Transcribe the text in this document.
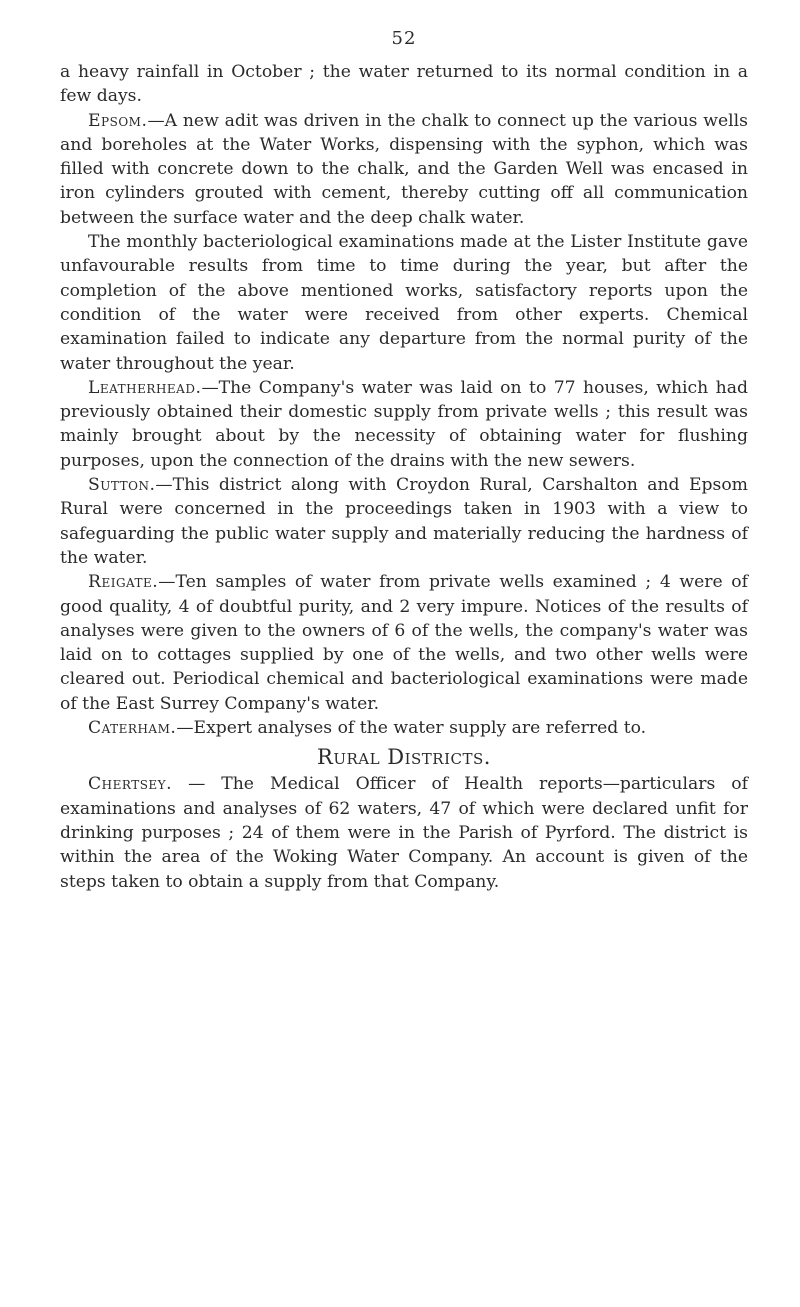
52

a heavy rainfall in October ; the water returned to its normal condition in a few days.

Epsom.—A new adit was driven in the chalk to connect up the various wells and boreholes at the Water Works, dispensing with the syphon, which was filled with concrete down to the chalk, and the Garden Well was encased in iron cylinders grouted with cement, thereby cutting off all communication between the surface water and the deep chalk water.

The monthly bacteriological examinations made at the Lister Institute gave unfavourable results from time to time during the year, but after the completion of the above mentioned works, satisfactory reports upon the condition of the water were received from other experts. Chemical examination failed to indicate any departure from the normal purity of the water throughout the year.

Leatherhead.—The Company's water was laid on to 77 houses, which had previously obtained their domestic supply from private wells ; this result was mainly brought about by the necessity of obtaining water for flushing purposes, upon the connection of the drains with the new sewers.

Sutton.—This district along with Croydon Rural, Carshalton and Epsom Rural were concerned in the proceedings taken in 1903 with a view to safeguarding the public water supply and materially reducing the hardness of the water.

Reigate.—Ten samples of water from private wells examined ; 4 were of good quality, 4 of doubtful purity, and 2 very impure. Notices of the results of analyses were given to the owners of 6 of the wells, the company's water was laid on to cottages supplied by one of the wells, and two other wells were cleared out. Periodical chemical and bacteriological examinations were made of the East Surrey Company's water.

Caterham.—Expert analyses of the water supply are referred to.

Rural Districts.

Chertsey. — The Medical Officer of Health reports—particulars of examinations and analyses of 62 waters, 47 of which were declared unfit for drinking purposes ; 24 of them were in the Parish of Pyrford. The district is within the area of the Woking Water Company. An account is given of the steps taken to obtain a supply from that Company.
